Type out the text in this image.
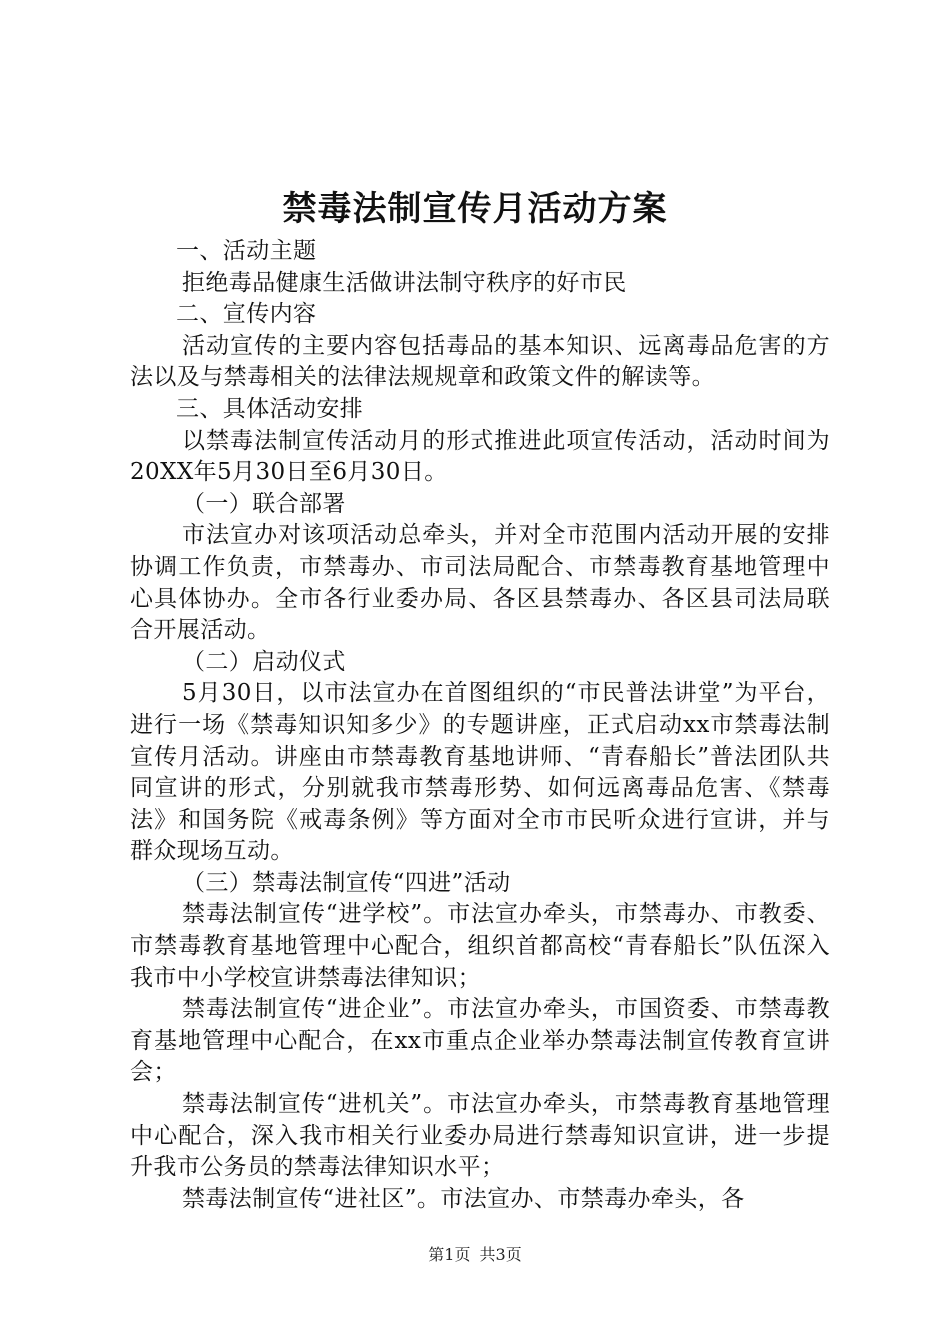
禁毒法制宣传月活动方案

一、活动主题

拒绝毒品健康生活做讲法制守秩序的好市民

二、宣传内容

活动宣传的主要内容包括毒品的基本知识、远离毒品危害的方法以及与禁毒相关的法律法规规章和政策文件的解读等。

三、具体活动安排

以禁毒法制宣传活动月的形式推进此项宣传活动，活动时间为20XX年5月30日至6月30日。

（一）联合部署

市法宣办对该项活动总牵头，并对全市范围内活动开展的安排协调工作负责，市禁毒办、市司法局配合、市禁毒教育基地管理中心具体协办。全市各行业委办局、各区县禁毒办、各区县司法局联合开展活动。

（二）启动仪式

5月30日，以市法宣办在首图组织的“市民普法讲堂”为平台，进行一场《禁毒知识知多少》的专题讲座，正式启动xx市禁毒法制宣传月活动。讲座由市禁毒教育基地讲师、“青春船长”普法团队共同宣讲的形式，分别就我市禁毒形势、如何远离毒品危害、《禁毒法》和国务院《戒毒条例》等方面对全市市民听众进行宣讲，并与群众现场互动。

（三）禁毒法制宣传“四进”活动

禁毒法制宣传“进学校”。市法宣办牵头，市禁毒办、市教委、市禁毒教育基地管理中心配合，组织首都高校“青春船长”队伍深入我市中小学校宣讲禁毒法律知识；

禁毒法制宣传“进企业”。市法宣办牵头，市国资委、市禁毒教育基地管理中心配合，在xx市重点企业举办禁毒法制宣传教育宣讲会；

禁毒法制宣传“进机关”。市法宣办牵头，市禁毒教育基地管理中心配合，深入我市相关行业委办局进行禁毒知识宣讲，进一步提升我市公务员的禁毒法律知识水平；

禁毒法制宣传“进社区”。市法宣办、市禁毒办牵头，各

第1页 共3页
